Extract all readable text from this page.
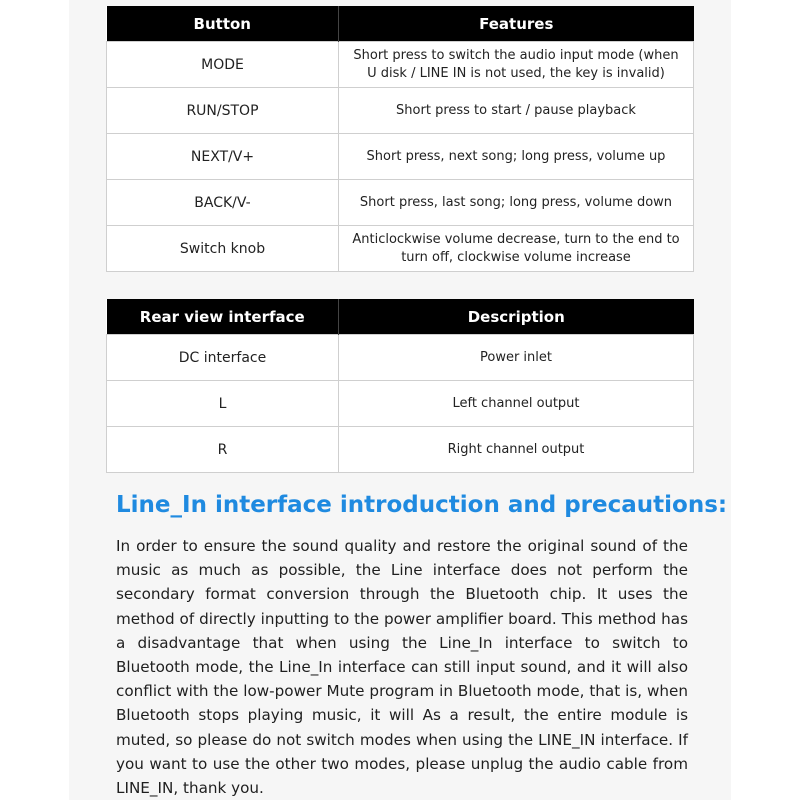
Button	Features
MODE	Short press to switch the audio input mode (when U disk / LINE IN is not used, the key is invalid)
RUN/STOP	Short press to start / pause playback
NEXT/V+	Short press, next song; long press, volume up
BACK/V-	Short press, last song; long press, volume down
Switch knob	Anticlockwise volume decrease, turn to the end to turn off, clockwise volume increase
Rear view interface	Description
DC interface	Power inlet
L	Left channel output
R	Right channel output
Line_In interface introduction and precautions:

In order to ensure the sound quality and restore the original sound of the music as much as possible, the Line interface does not perform the secondary format conversion through the Bluetooth chip. It uses the method of directly inputting to the power amplifier board. This method has a disadvantage that when using the Line_In interface to switch to Bluetooth mode, the Line_In interface can still input sound, and it will also conflict with the low-power Mute program in Bluetooth mode, that is, when Bluetooth stops playing music, it will As a result, the entire module is muted, so please do not switch modes when using the LINE_IN interface. If you want to use the other two modes, please unplug the audio cable from LINE_IN, thank you.
